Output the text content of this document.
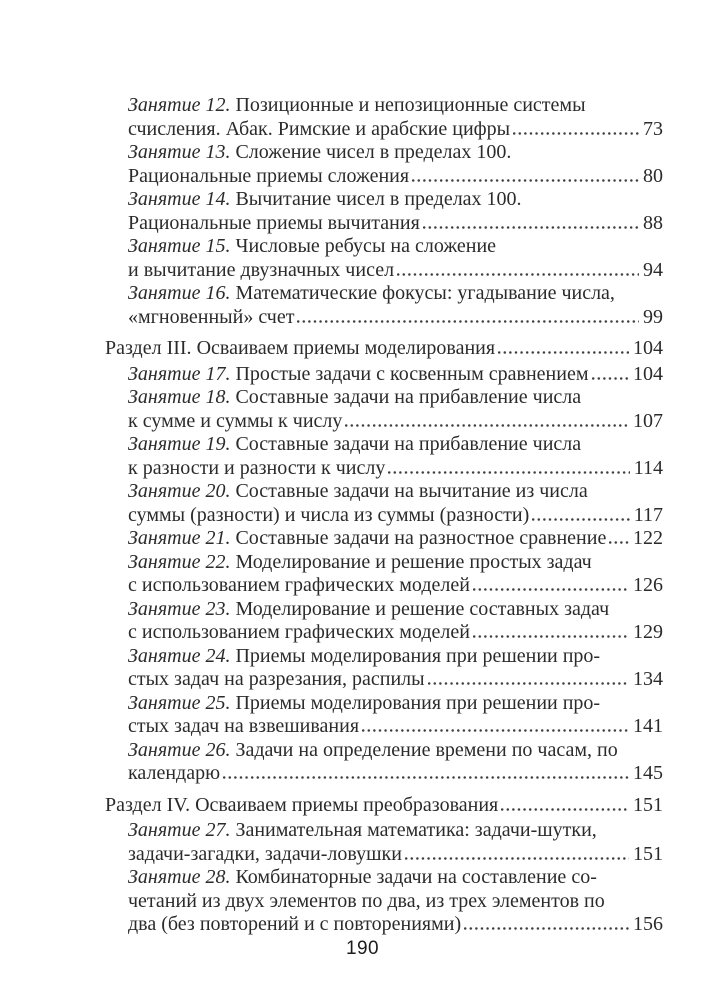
Занятие 12. Позиционные и непозиционные системы
счисления. Абак. Римские и арабские цифры	73
Занятие 13. Сложение чисел в пределах 100.
Рациональные приемы сложения	80
Занятие 14. Вычитание чисел в пределах 100.
Рациональные приемы вычитания	88
Занятие 15. Числовые ребусы на сложение
и вычитание двузначных чисел	94
Занятие 16. Математические фокусы: угадывание числа,
«мгновенный» счет	99
Раздел III.
Осваиваем приемы моделирования	104
Занятие 17.
Простые задачи с косвенным сравнением 104
Занятие 18. Составные задачи на прибавление числа
к сумме и суммы к числу	107
Занятие 19. Составные задачи на прибавление числа
к разности и разности к числу	114
Занятие 20. Составные задачи на вычитание из числа
суммы (разности) и числа из суммы (разности)	117
Занятие 21.
Составные задачи на разностное сравнение 122
Занятие 22. Моделирование и решение простых задач
с использованием графических моделей	126
Занятие 23. Моделирование и решение составных задач
с использованием графических моделей	129
Занятие 24. Приемы моделирования при решении про-
стых задач на разрезания, распилы	134
Занятие 25. Приемы моделирования при решении про-
стых задач на взвешивания	141
Занятие 26. Задачи на определение времени по часам, по
календарю	145
Раздел IV.
Осваиваем приемы преобразования	151
Занятие 27. Занимательная математика: задачи-шутки,
задачи-загадки, задачи-ловушки	151
Занятие 28. Комбинаторные задачи на составление со-
четаний из двух элементов по два, из трех элементов по
два (без повторений и с повторениями)	156
190
